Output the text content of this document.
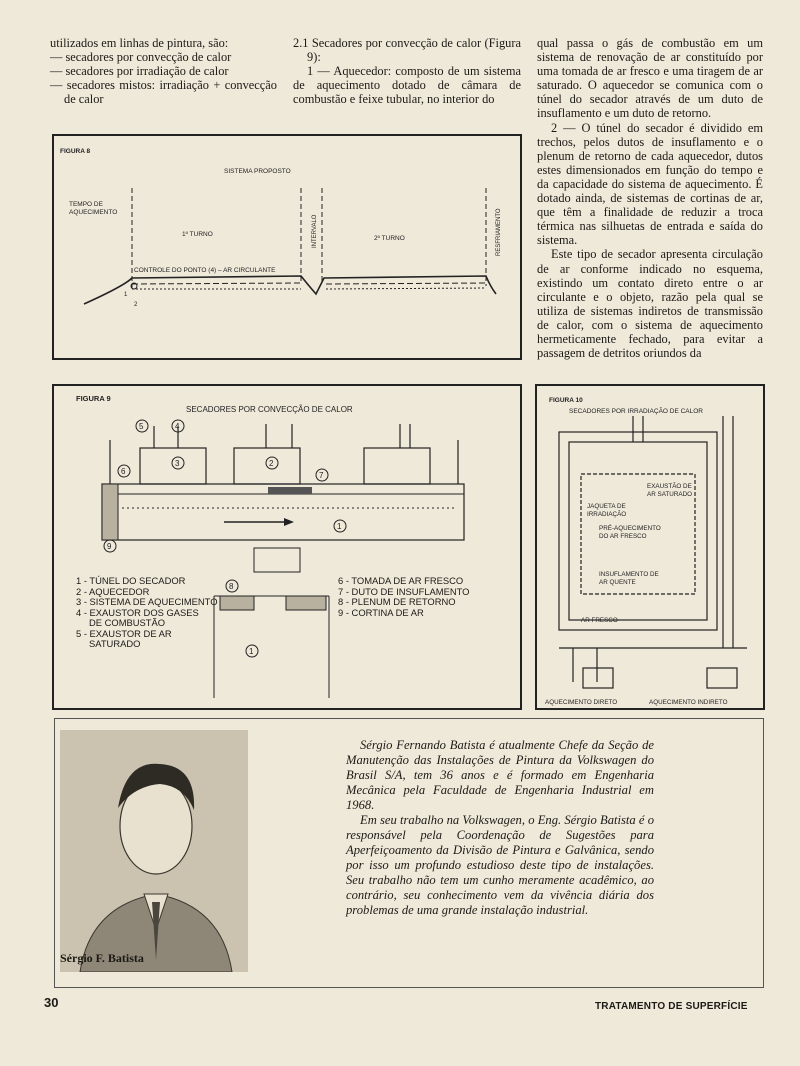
utilizados em linhas de pintura, são:

— secadores por convecção de calor

— secadores por irradiação de calor

— secadores mistos: irradiação + convecção de calor

2.1 Secadores por convecção de calor (Figura 9):

1 — Aquecedor: composto de um sistema de aquecimento dotado de câmara de combustão e feixe tubular, no interior do

qual passa o gás de combustão em um sistema de renovação de ar constituído por uma tomada de ar fresco e uma tiragem de ar saturado. O aquecedor se comunica com o túnel do secador através de um duto de insuflamento e um duto de retorno.

2 — O túnel do secador é dividido em trechos, pelos dutos de insuflamento e o plenum de retorno de cada aquecedor, dutos estes dimensionados em função do tempo e da capacidade do sistema de aquecimento. É dotado ainda, de sistemas de cortinas de ar, que têm a finalidade de reduzir a troca térmica nas silhuetas de entrada e saída do sistema.

Este tipo de secador apresenta circulação de ar conforme indicado no esquema, existindo um contato direto entre o ar circulante e o objeto, razão pela qual se utiliza de sistemas indiretos de transmissão de calor, com o sistema de aquecimento hermeticamente fechado, para evitar a passagem de detritos oriundos da

FIGURA 8
SISTEMA PROPOSTO
TEMPO DE
AQUECIMENTO
1º TURNO
2º TURNO
INTERVALO	RESFRIAMENTO
CONTROLE DO PONTO (4) – AR CIRCULANTE
1
2
FIGURA 9
SECADORES POR CONVECÇÃO DE CALOR
5	4
3
6
2
7
1
9
8
1
1 - TÚNEL DO SECADOR
2 - AQUECEDOR
3 - SISTEMA DE AQUECIMENTO
4 - EXAUSTOR DOS GASES
DE COMBUSTÃO
5 - EXAUSTOR DE AR
SATURADO
6 - TOMADA DE AR FRESCO
7 - DUTO DE INSUFLAMENTO
8 - PLENUM DE RETORNO
9 - CORTINA DE AR
FIGURA 10
SECADORES POR IRRADIAÇÃO DE CALOR
EXAUSTÃO DE
AR SATURADO
JAQUETA DE
IRRADIAÇÃO
PRÉ-AQUECIMENTO
DO AR FRESCO
INSUFLAMENTO DE
AR QUENTE
AR FRESCO
AQUECIMENTO DIRETO	AQUECIMENTO INDIRETO
Sérgio F. Batista

Sérgio Fernando Batista é atualmente Chefe da Seção de Manutenção das Instalações de Pintura da Volkswagen do Brasil S/A, tem 36 anos e é formado em Engenharia Mecânica pela Faculdade de Engenharia Industrial em 1968.

Em seu trabalho na Volkswagen, o Eng. Sérgio Batista é o responsável pela Coordenação de Sugestões para Aperfeiçoamento da Divisão de Pintura e Galvânica, sendo por isso um profundo estudioso deste tipo de instalações. Seu trabalho não tem um cunho meramente acadêmico, ao contrário, seu conhecimento vem da vivência diária dos problemas de uma grande instalação industrial.

30	TRATAMENTO DE SUPERFÍCIE
